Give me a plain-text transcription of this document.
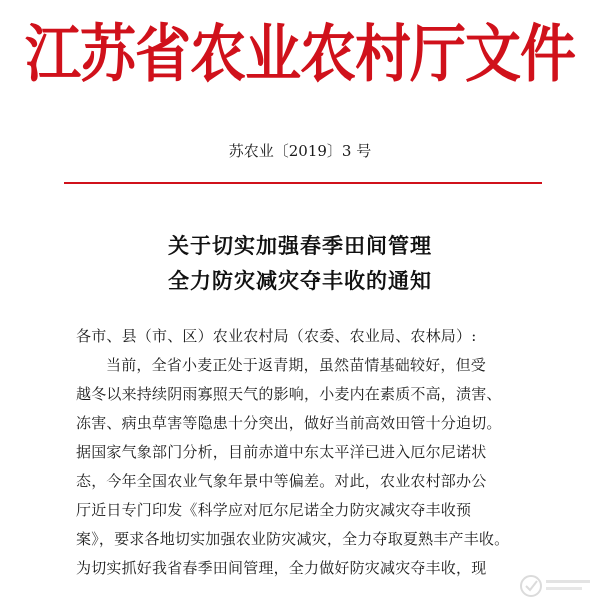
江苏省农业农村厅文件
苏农业〔2019〕3 号
关于切实加强春季田间管理
全力防灾减灾夺丰收的通知
各市、县（市、区）农业农村局（农委、农业局、农林局）:
当前，全省小麦正处于返青期，虽然苗情基础较好，但受
越冬以来持续阴雨寡照天气的影响，小麦内在素质不高，渍害、
冻害、病虫草害等隐患十分突出，做好当前高效田管十分迫切。
据国家气象部门分析，目前赤道中东太平洋已进入厄尔尼诺状
态，今年全国农业气象年景中等偏差。对此，农业农村部办公
厅近日专门印发《科学应对厄尔尼诺全力防灾减灾夺丰收预
案》，要求各地切实加强农业防灾减灾，全力夺取夏熟丰产丰收。
为切实抓好我省春季田间管理，全力做好防灾减灾夺丰收，现
